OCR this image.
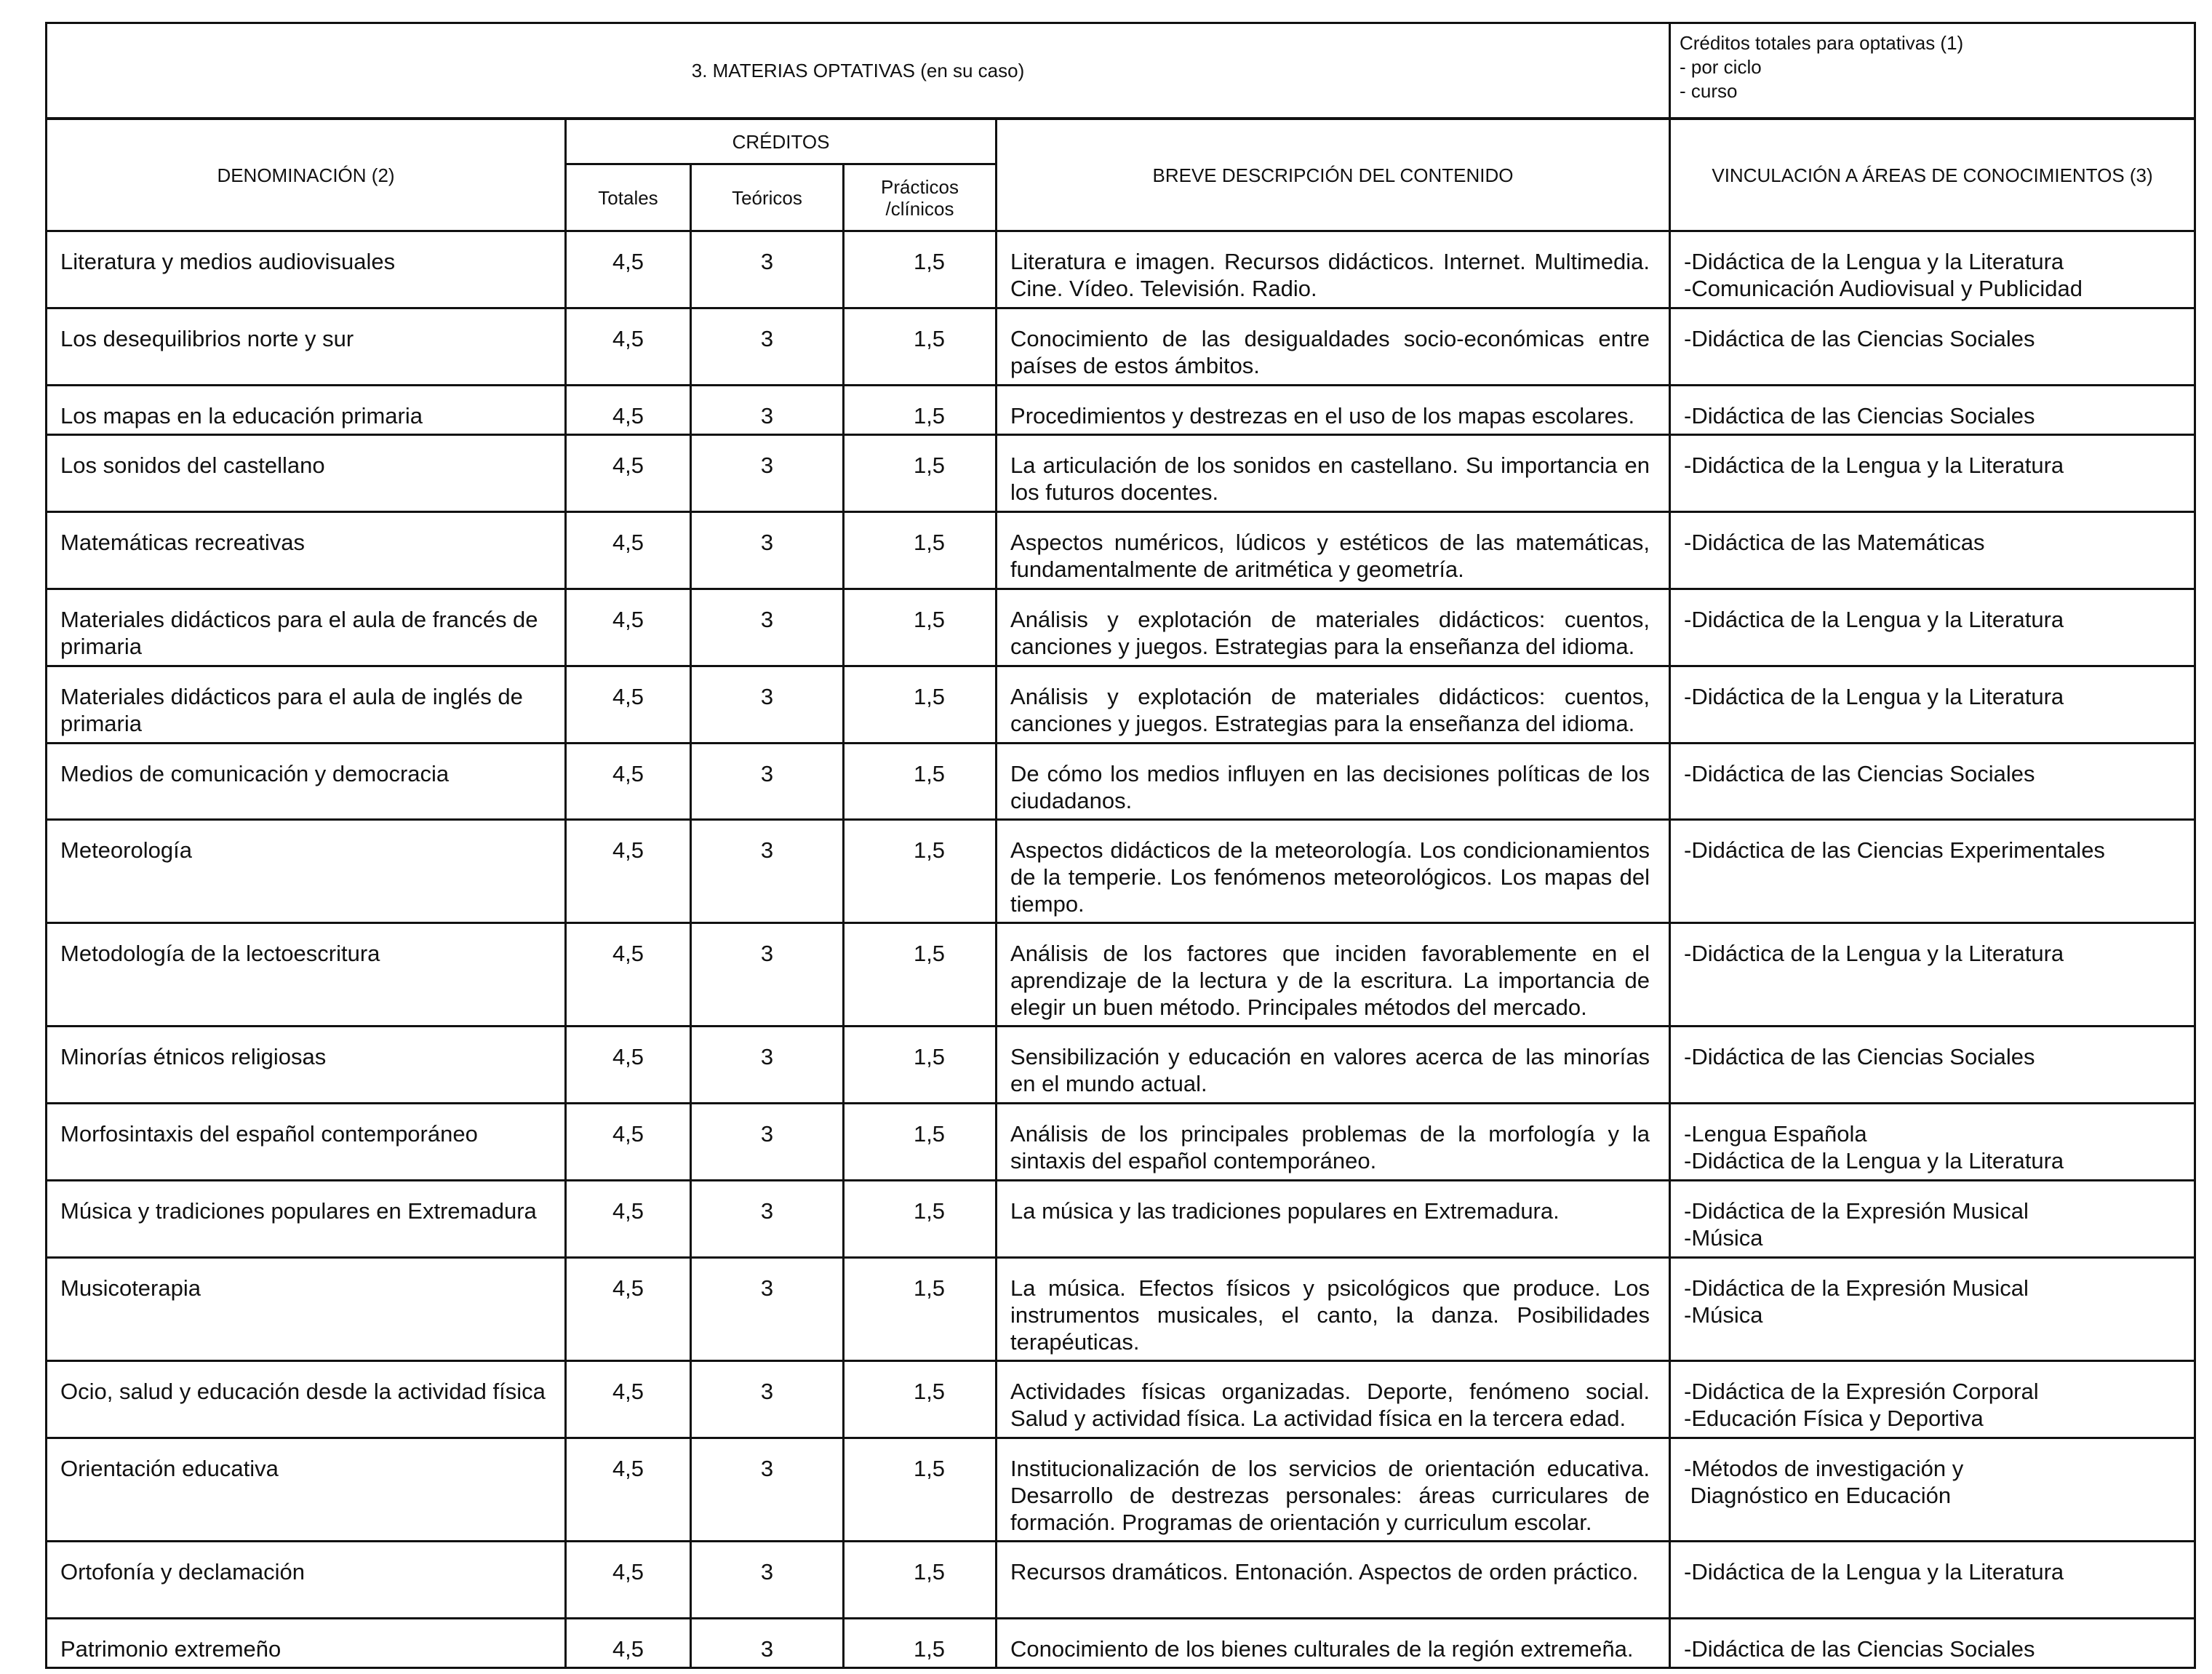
3. MATERIAS OPTATIVAS (en su caso)	
Créditos totales para optativas (1)
- por ciclo
- curso
DENOMINACIÓN (2)	CRÉDITOS			BREVE DESCRIPCIÓN DEL CONTENIDO	VINCULACIÓN A ÁREAS DE CONOCIMIENTOS (3)
	Totales	Teóricos	Prácticos /clínicos		
Literatura y medios audiovisuales	4,5	3	1,5	Literatura e imagen. Recursos didácticos. Internet. Multimedia. Cine. Vídeo. Televisión. Radio.	-Didáctica de la Lengua y la Literatura
-Comunicación Audiovisual y Publicidad

Los desequilibrios norte y sur	4,5	3	1,5	Conocimiento de las desigualdades socio-económicas entre países de estos ámbitos.	-Didáctica de las Ciencias Sociales

Los mapas en la educación primaria	4,5	3	1,5	Procedimientos y destrezas en el uso de los mapas escolares.	-Didáctica de las Ciencias Sociales

Los sonidos del castellano	4,5	3	1,5	La articulación de los sonidos en castellano. Su importancia en los futuros docentes.	-Didáctica de la Lengua y la Literatura

Matemáticas recreativas	4,5	3	1,5	Aspectos numéricos, lúdicos y estéticos de las matemáticas, fundamentalmente de aritmética y geometría.	-Didáctica de las Matemáticas

Materiales didácticos para el aula de francés de primaria	4,5	3	1,5	Análisis y explotación de materiales didácticos: cuentos, canciones y juegos. Estrategias para la enseñanza del idioma.	-Didáctica de la Lengua y la Literatura

Materiales didácticos para el aula de inglés de primaria	4,5	3	1,5	Análisis y explotación de materiales didácticos: cuentos, canciones y juegos. Estrategias para la enseñanza del idioma.	-Didáctica de la Lengua y la Literatura

Medios de comunicación y democracia	4,5	3	1,5	De cómo los medios influyen en las decisiones políticas de los ciudadanos.	-Didáctica de las Ciencias Sociales

Meteorología	4,5	3	1,5	Aspectos didácticos de la meteorología. Los condicionamientos de la temperie. Los fenómenos meteorológicos. Los mapas del tiempo.	-Didáctica de las Ciencias Experimentales

Metodología de la lectoescritura	4,5	3	1,5	Análisis de los factores que inciden favorablemente en el aprendizaje de la lectura y de la escritura. La importancia de elegir un buen método. Principales métodos del mercado.	-Didáctica de la Lengua y la Literatura

Minorías étnicos religiosas	4,5	3	1,5	Sensibilización y educación en valores acerca de las minorías en el mundo actual.	-Didáctica de las Ciencias Sociales

Morfosintaxis del español contemporáneo	4,5	3	1,5	Análisis de los principales problemas de la morfología y la sintaxis del español contemporáneo.	-Lengua Española
-Didáctica de la Lengua y la Literatura

Música y tradiciones populares en Extremadura	4,5	3	1,5	La música y las tradiciones populares en Extremadura.	-Didáctica de la Expresión Musical
-Música

Musicoterapia	4,5	3	1,5	La música. Efectos físicos y psicológicos que produce. Los instrumentos musicales, el canto, la danza. Posibilidades terapéuticas.	-Didáctica de la Expresión Musical
-Música

Ocio, salud y educación desde la actividad física	4,5	3	1,5	Actividades físicas organizadas. Deporte, fenómeno social. Salud y actividad física. La actividad física en la tercera edad.	-Didáctica de la Expresión Corporal
-Educación Física y Deportiva

Orientación educativa	4,5	3	1,5	Institucionalización de los servicios de orientación educativa. Desarrollo de destrezas personales: áreas curriculares de formación. Programas de orientación y curriculum escolar.	-Métodos de investigación y
Diagnóstico en Educación

Ortofonía y declamación	4,5	3	1,5	Recursos dramáticos. Entonación. Aspectos de orden práctico.	-Didáctica de la Lengua y la Literatura

Patrimonio extremeño	4,5	3	1,5	Conocimiento de los bienes culturales de la región extremeña.	-Didáctica de las Ciencias Sociales
